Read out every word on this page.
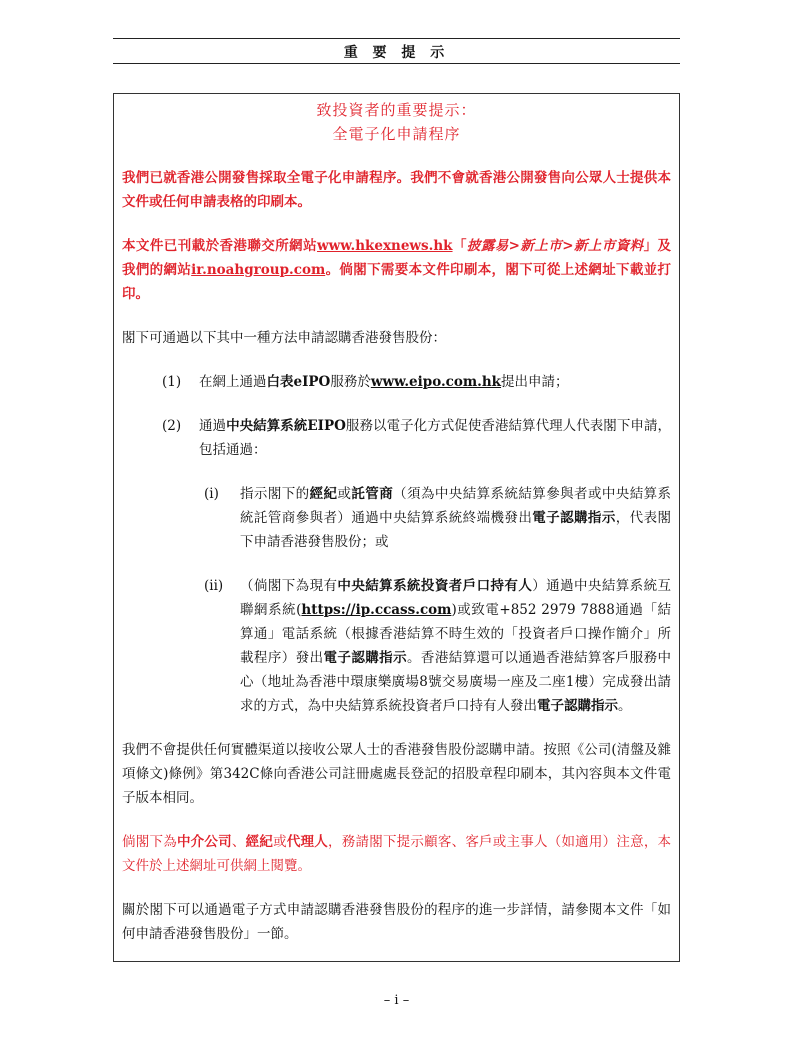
重 要 提 示
致投資者的重要提示：
全電子化申請程序

我們已就香港公開發售採取全電子化申請程序。我們不會就香港公開發售向公眾人士提供本文件或任何申請表格的印刷本。

本文件已刊載於香港聯交所網站www.hkexnews.hk「披露易>新上市>新上市資料」及我們的網站ir.noahgroup.com。倘閣下需要本文件印刷本，閣下可從上述網址下載並打印。

閣下可通過以下其中一種方法申請認購香港發售股份：

(1) 在網上通過白表eIPO服務於www.eipo.com.hk提出申請；

(2) 通過中央結算系統EIPO服務以電子化方式促使香港結算代理人代表閣下申請，包括通過：

(i) 指示閣下的經紀或託管商（須為中央結算系統結算參與者或中央結算系統託管商參與者）通過中央結算系統終端機發出電子認購指示，代表閣下申請香港發售股份；或

(ii) （倘閣下為現有中央結算系統投資者戶口持有人）通過中央結算系統互聯網系統(https://ip.ccass.com)或致電+852 2979 7888通過「結算通」電話系統（根據香港結算不時生效的「投資者戶口操作簡介」所載程序）發出電子認購指示。香港結算還可以通過香港結算客戶服務中心（地址為香港中環康樂廣場8號交易廣場一座及二座1樓）完成發出請求的方式，為中央結算系統投資者戶口持有人發出電子認購指示。

我們不會提供任何實體渠道以接收公眾人士的香港發售股份認購申請。按照《公司(清盤及雜項條文)條例》第342C條向香港公司註冊處處長登記的招股章程印刷本，其內容與本文件電子版本相同。

倘閣下為中介公司、經紀或代理人，務請閣下提示顧客、客戶或主事人（如適用）注意，本文件於上述網址可供網上閱覽。

關於閣下可以通過電子方式申請認購香港發售股份的程序的進一步詳情，請參閱本文件「如何申請香港發售股份」一節。

– i –
